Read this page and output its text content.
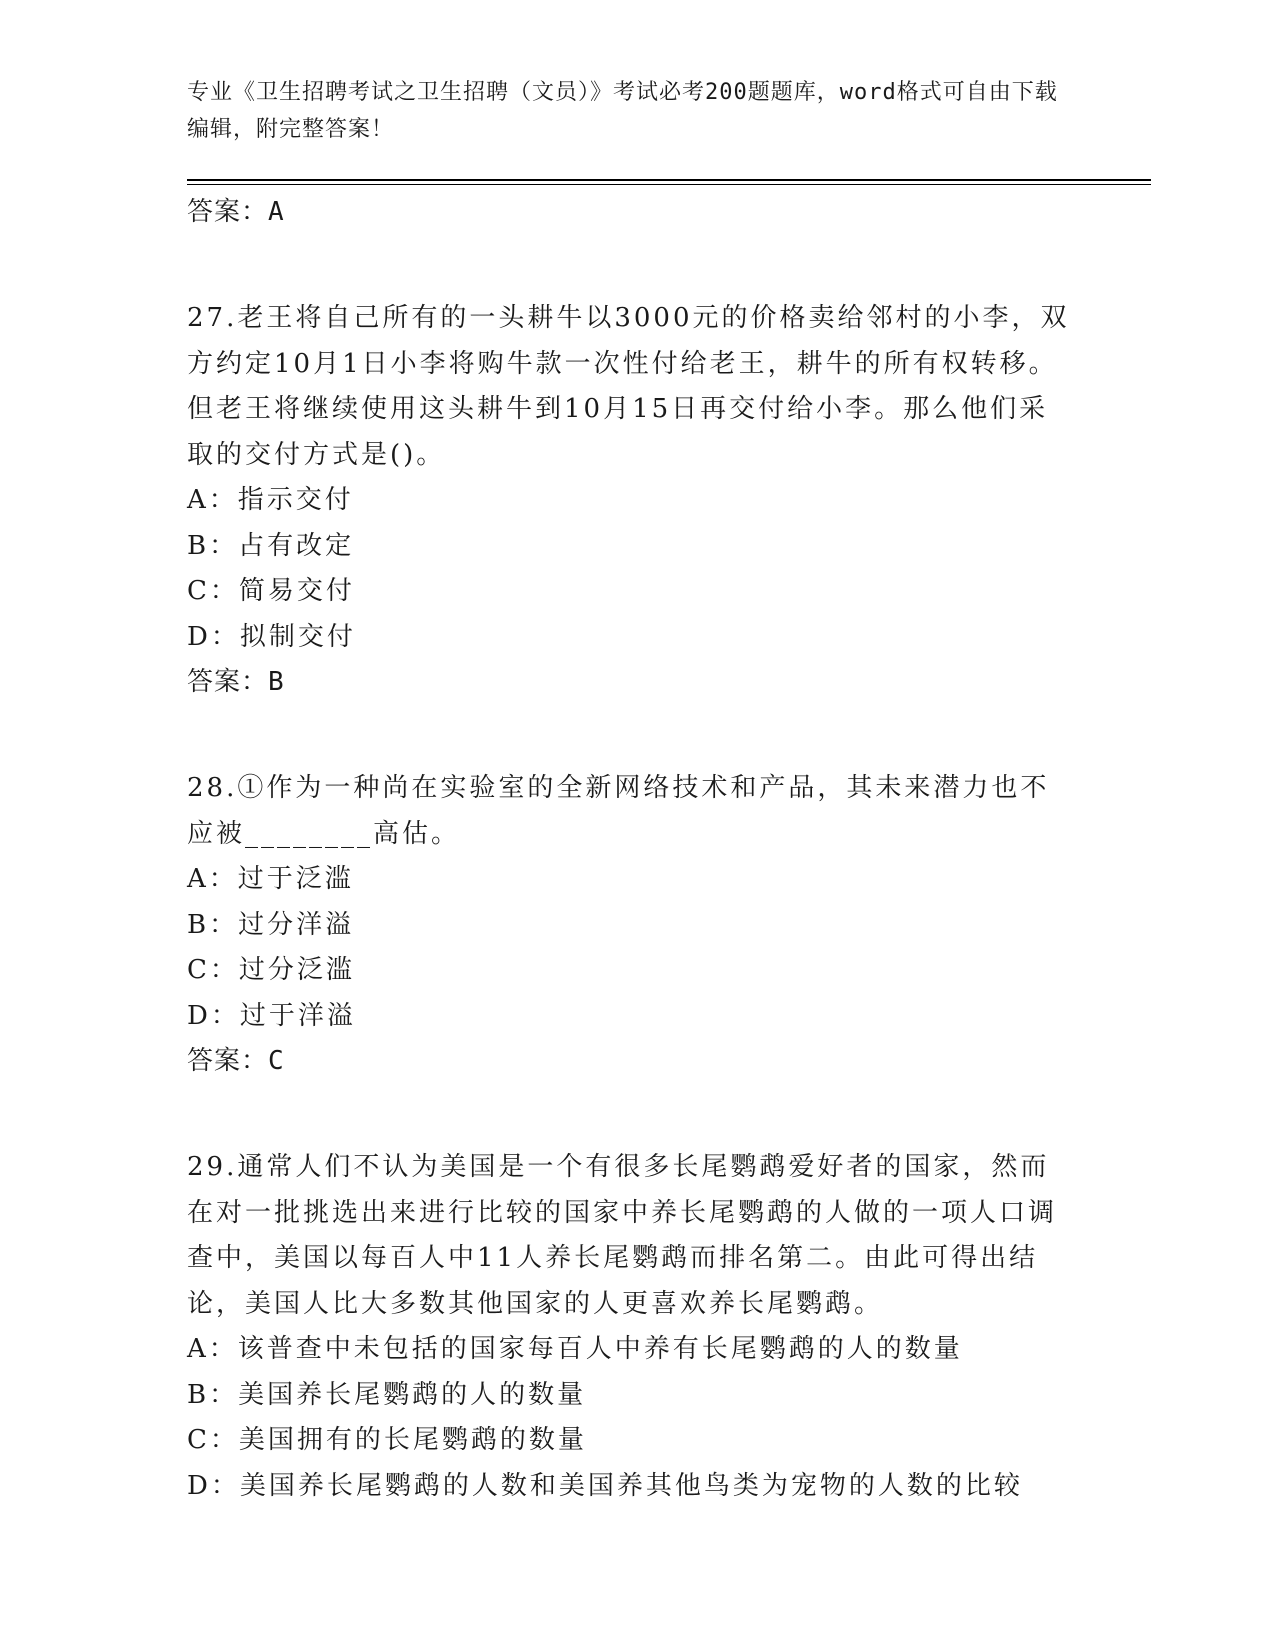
专业《卫生招聘考试之卫生招聘（文员）》考试必考200题题库，word格式可自由下载编辑，附完整答案！
答案：A
27.老王将自己所有的一头耕牛以3000元的价格卖给邻村的小李，双方约定10月1日小李将购牛款一次性付给老王，耕牛的所有权转移。但老王将继续使用这头耕牛到10月15日再交付给小李。那么他们采取的交付方式是()。
A：指示交付
B：占有改定
C：简易交付
D：拟制交付
答案：B
28.①作为一种尚在实验室的全新网络技术和产品，其未来潜力也不应被________高估。
A：过于泛滥
B：过分洋溢
C：过分泛滥
D：过于洋溢
答案：C
29.通常人们不认为美国是一个有很多长尾鹦鹉爱好者的国家，然而在对一批挑选出来进行比较的国家中养长尾鹦鹉的人做的一项人口调查中，美国以每百人中11人养长尾鹦鹉而排名第二。由此可得出结论，美国人比大多数其他国家的人更喜欢养长尾鹦鹉。
A：该普查中未包括的国家每百人中养有长尾鹦鹉的人的数量
B：美国养长尾鹦鹉的人的数量
C：美国拥有的长尾鹦鹉的数量
D：美国养长尾鹦鹉的人数和美国养其他鸟类为宠物的人数的比较
